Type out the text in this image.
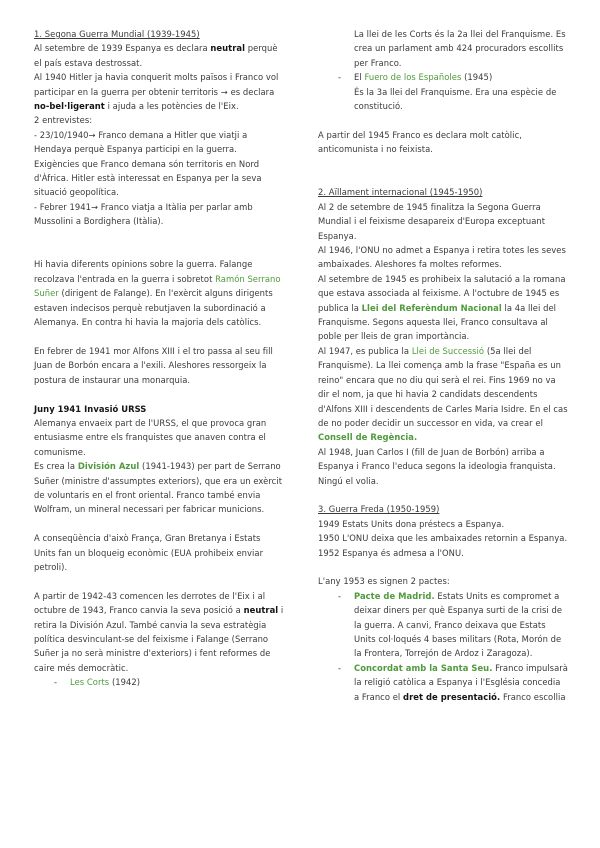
1. Segona Guerra Mundial (1939-1945)
Al setembre de 1939 Espanya es declara neutral perquè el país estava destrossat.
Al 1940 Hitler ja havia conquerit molts països i Franco vol participar en la guerra per obtenir territoris → es declara no-bel·ligerant i ajuda a les potències de l'Eix.
2 entrevistes:
- 23/10/1940→ Franco demana a Hitler que viatji a Hendaya perquè Espanya participi en la guerra. Exigències que Franco demana són territoris en Nord d'Àfrica. Hitler està interessat en Espanya per la seva situació geopolítica.
- Febrer 1941→ Franco viatja a Itàlia per parlar amb Mussolini a Bordighera (Itàlia).
Hi havia diferents opinions sobre la guerra. Falange recolzava l'entrada en la guerra i sobretot Ramón Serrano Suñer (dirigent de Falange). En l'exèrcit alguns dirigents estaven indecisos perquè rebutjaven la subordinació a Alemanya. En contra hi havia la majoria dels catòlics.
En febrer de 1941 mor Alfons XIII i el tro passa al seu fill Juan de Borbón encara a l'exili. Aleshores ressorgeix la postura de instaurar una monarquia.
Juny 1941 Invasió URSS
Alemanya envaeix part de l'URSS, el que provoca gran entusiasme entre els franquistes que anaven contra el comunisme.
Es crea la División Azul (1941-1943) per part de Serrano Suñer (ministre d'assumptes exteriors), que era un exèrcit de voluntaris en el front oriental. Franco també envia Wolfram, un mineral necessari per fabricar municions.
A conseqüència d'això França, Gran Bretanya i Estats Units fan un bloqueig econòmic (EUA prohibeix enviar petroli).
A partir de 1942-43 comencen les derrotes de l'Eix i al octubre de 1943, Franco canvia la seva posició a neutral i retira la División Azul. També canvia la seva estratègia política desvinculant-se del feixisme i Falange (Serrano Suñer ja no serà ministre d'exteriors) i fent reformes de caire més democràtic.
- Les Corts (1942)
La llei de les Corts és la 2a llei del Franquisme. Es crea un parlament amb 424 procuradors escollits per Franco.
- El Fuero de los Españoles (1945)
És la 3a llei del Franquisme. Era una espècie de constitució.
A partir del 1945 Franco es declara molt catòlic, anticomunista i no feixista.
2. Aïllament internacional (1945-1950)
Al 2 de setembre de 1945 finalitza la Segona Guerra Mundial i el feixisme desapareix d'Europa exceptuant Espanya.
Al 1946, l'ONU no admet a Espanya i retira totes les seves ambaixades. Aleshores fa moltes reformes.
Al setembre de 1945 es prohibeix la salutació a la romana que estava associada al feixisme. A l'octubre de 1945 es publica la Llei del Referèndum Nacional la 4a llei del Franquisme. Segons aquesta llei, Franco consultava al poble per lleis de gran importància.
Al 1947, es publica la Llei de Successió (5a llei del Franquisme). La llei comença amb la frase "España es un reino" encara que no diu qui serà el rei. Fins 1969 no va dir el nom, ja que hi havia 2 candidats descendents d'Alfons XIII i descendents de Carles Maria Isidre. En el cas de no poder decidir un successor en vida, va crear el Consell de Regència.
Al 1948, Juan Carlos I (fill de Juan de Borbón) arriba a Espanya i Franco l'educa segons la ideologia franquista. Ningú el volia.
3. Guerra Freda (1950-1959)
1949 Estats Units dona préstecs a Espanya.
1950 L'ONU deixa que les ambaixades retornin a Espanya.
1952 Espanya és admesa a l'ONU.
L'any 1953 es signen 2 pactes:
- Pacte de Madrid. Estats Units es compromet a deixar diners per què Espanya surti de la crisi de la guerra. A canvi, Franco deixava que Estats Units col·loqués 4 bases militars (Rota, Morón de la Frontera, Torrejón de Ardoz i Zaragoza).
- Concordat amb la Santa Seu. Franco impulsarà la religió catòlica a Espanya i l'Església concedia a Franco el dret de presentació. Franco escollia
